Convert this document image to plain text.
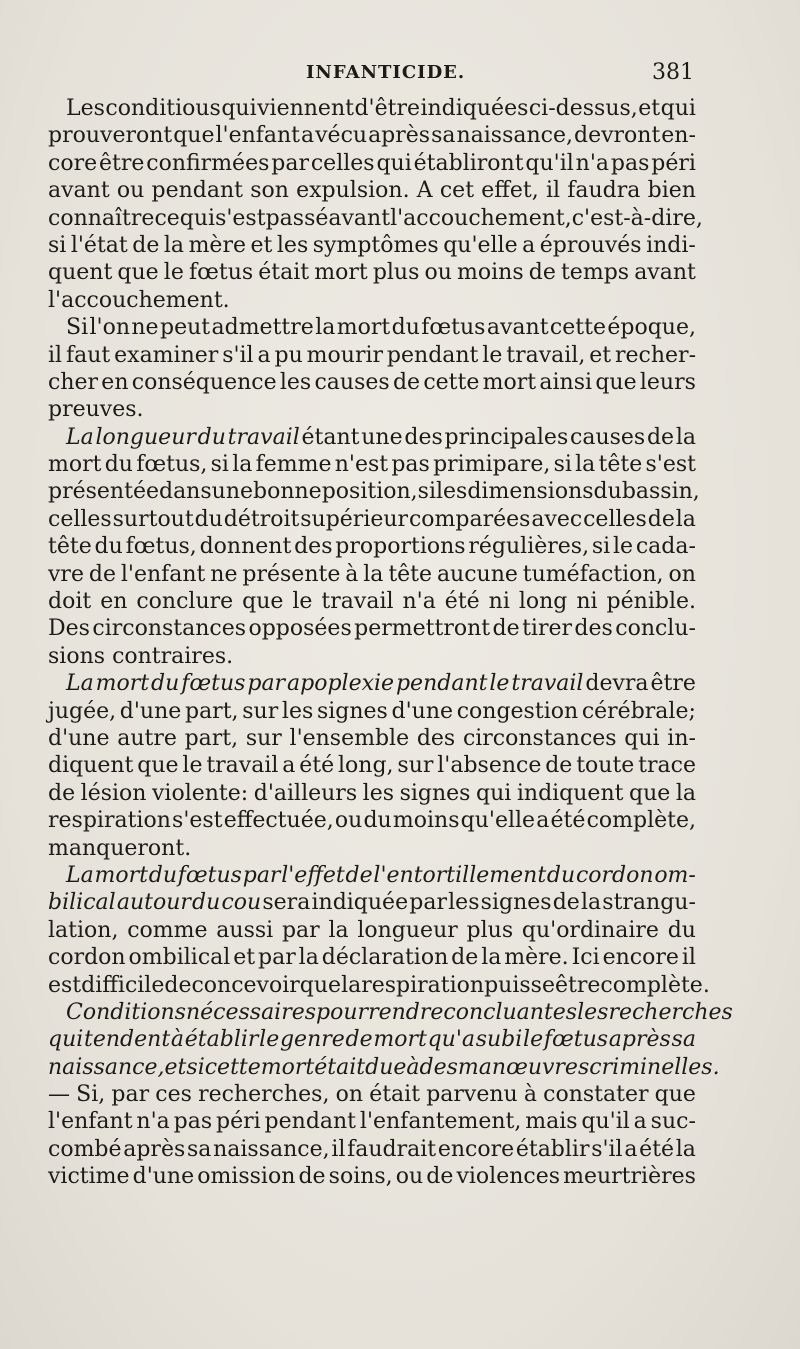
INFANTICIDE.	381
Les conditious qui viennent d'être indiquées ci-dessus, et qui
prouveront que l'enfant a vécu après sa naissance, devront en-
core être confirmées par celles qui établiront qu'il n'a pas péri
avant ou pendant son expulsion. A cet effet, il faudra bien
connaître ce qui s'est passé avant l'accouchement, c'est-à-dire,
si l'état de la mère et les symptômes qu'elle a éprouvés indi-
quent que le fœtus était mort plus ou moins de temps avant
l'accouchement.
Si l'on ne peut admettre la mort du fœtus avant cette époque,
il faut examiner s'il a pu mourir pendant le travail, et recher-
cher en conséquence les causes de cette mort ainsi que leurs
preuves.
La longueur du travail étant une des principales causes de la
mort du fœtus, si la femme n'est pas primipare, si la tête s'est
présentée dans une bonne position, si les dimensions du bassin,
celles surtout du détroit supérieur comparées avec celles de la
tête du fœtus, donnent des proportions régulières, si le cada-
vre de l'enfant ne présente à la tête aucune tuméfaction, on
doit en conclure que le travail n'a été ni long ni pénible.
Des circonstances opposées permettront de tirer des conclu-
sions contraires.
La mort du fœtus par apoplexie pendant le travail devra être
jugée, d'une part, sur les signes d'une congestion cérébrale;
d'une autre part, sur l'ensemble des circonstances qui in-
diquent que le travail a été long, sur l'absence de toute trace
de lésion violente: d'ailleurs les signes qui indiquent que la
respiration s'est effectuée, ou du moins qu'elle a été complète,
manqueront.
La mort du fœtus par l'effet de l'entortillement du cordon om-
bilical autour du cou sera indiquée par les signes de la strangu-
lation, comme aussi par la longueur plus qu'ordinaire du
cordon ombilical et par la déclaration de la mère. Ici encore il
est difficile de concevoir que la respiration puisse être complète.
Conditions nécessaires pour rendre concluantes les recherches
qui tendent à établir le genre de mort qu'a subi le fœtus après sa
naissance, et si cette mort était due à des manœuvres criminelles.
— Si, par ces recherches, on était parvenu à constater que
l'enfant n'a pas péri pendant l'enfantement, mais qu'il a suc-
combé après sa naissance, il faudrait encore établir s'il a été la
victime d'une omission de soins, ou de violences meurtrières
